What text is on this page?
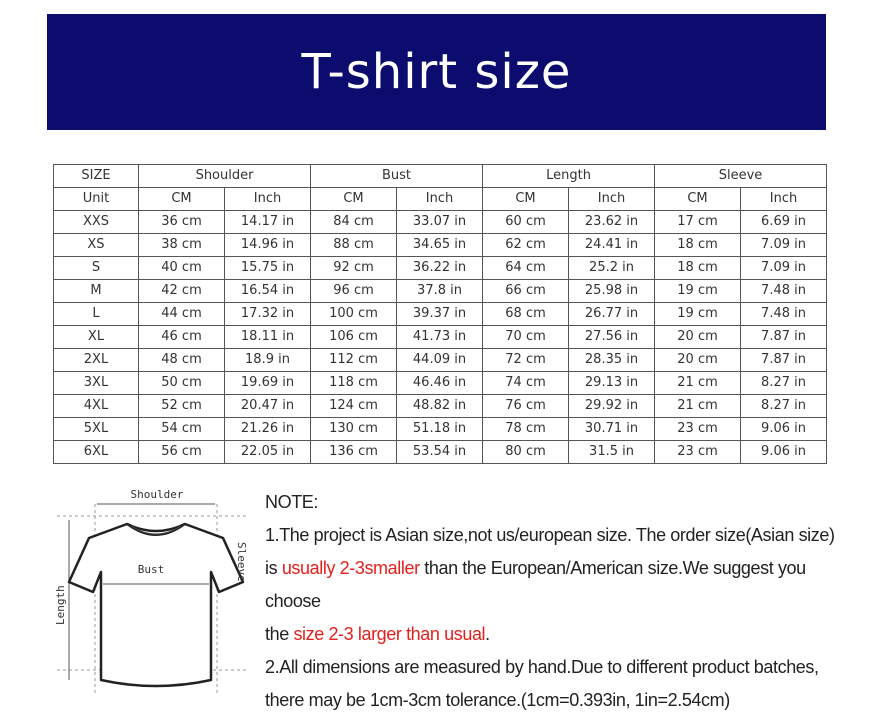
T-shirt size
SIZE	Shoulder		Bust		Length		Sleeve	
Unit	CM	Inch	CM	Inch	CM	Inch	CM	Inch
XXS	36 cm	14.17 in	84 cm	33.07 in	60 cm	23.62 in	17 cm	6.69 in
XS	38 cm	14.96 in	88 cm	34.65 in	62 cm	24.41 in	18 cm	7.09 in
S	40 cm	15.75 in	92 cm	36.22 in	64 cm	25.2 in	18 cm	7.09 in
M	42 cm	16.54 in	96 cm	37.8 in	66 cm	25.98 in	19 cm	7.48 in
L	44 cm	17.32 in	100 cm	39.37 in	68 cm	26.77 in	19 cm	7.48 in
XL	46 cm	18.11 in	106 cm	41.73 in	70 cm	27.56 in	20 cm	7.87 in
2XL	48 cm	18.9 in	112 cm	44.09 in	72 cm	28.35 in	20 cm	7.87 in
3XL	50 cm	19.69 in	118 cm	46.46 in	74 cm	29.13 in	21 cm	8.27 in
4XL	52 cm	20.47 in	124 cm	48.82 in	76 cm	29.92 in	21 cm	8.27 in
5XL	54 cm	21.26 in	130 cm	51.18 in	78 cm	30.71 in	23 cm	9.06 in
6XL	56 cm	22.05 in	136 cm	53.54 in	80 cm	31.5 in	23 cm	9.06 in
Shoulder
Bust	Sleeve
Length

NOTE:

1.The project is Asian size,not us/european size. The order size(Asian size)

is usually 2-3smaller than the European/American size.We suggest you choose

the size 2-3 larger than usual.

2.All dimensions are measured by hand.Due to different product batches,

there may be 1cm-3cm tolerance.(1cm=0.393in, 1in=2.54cm)
